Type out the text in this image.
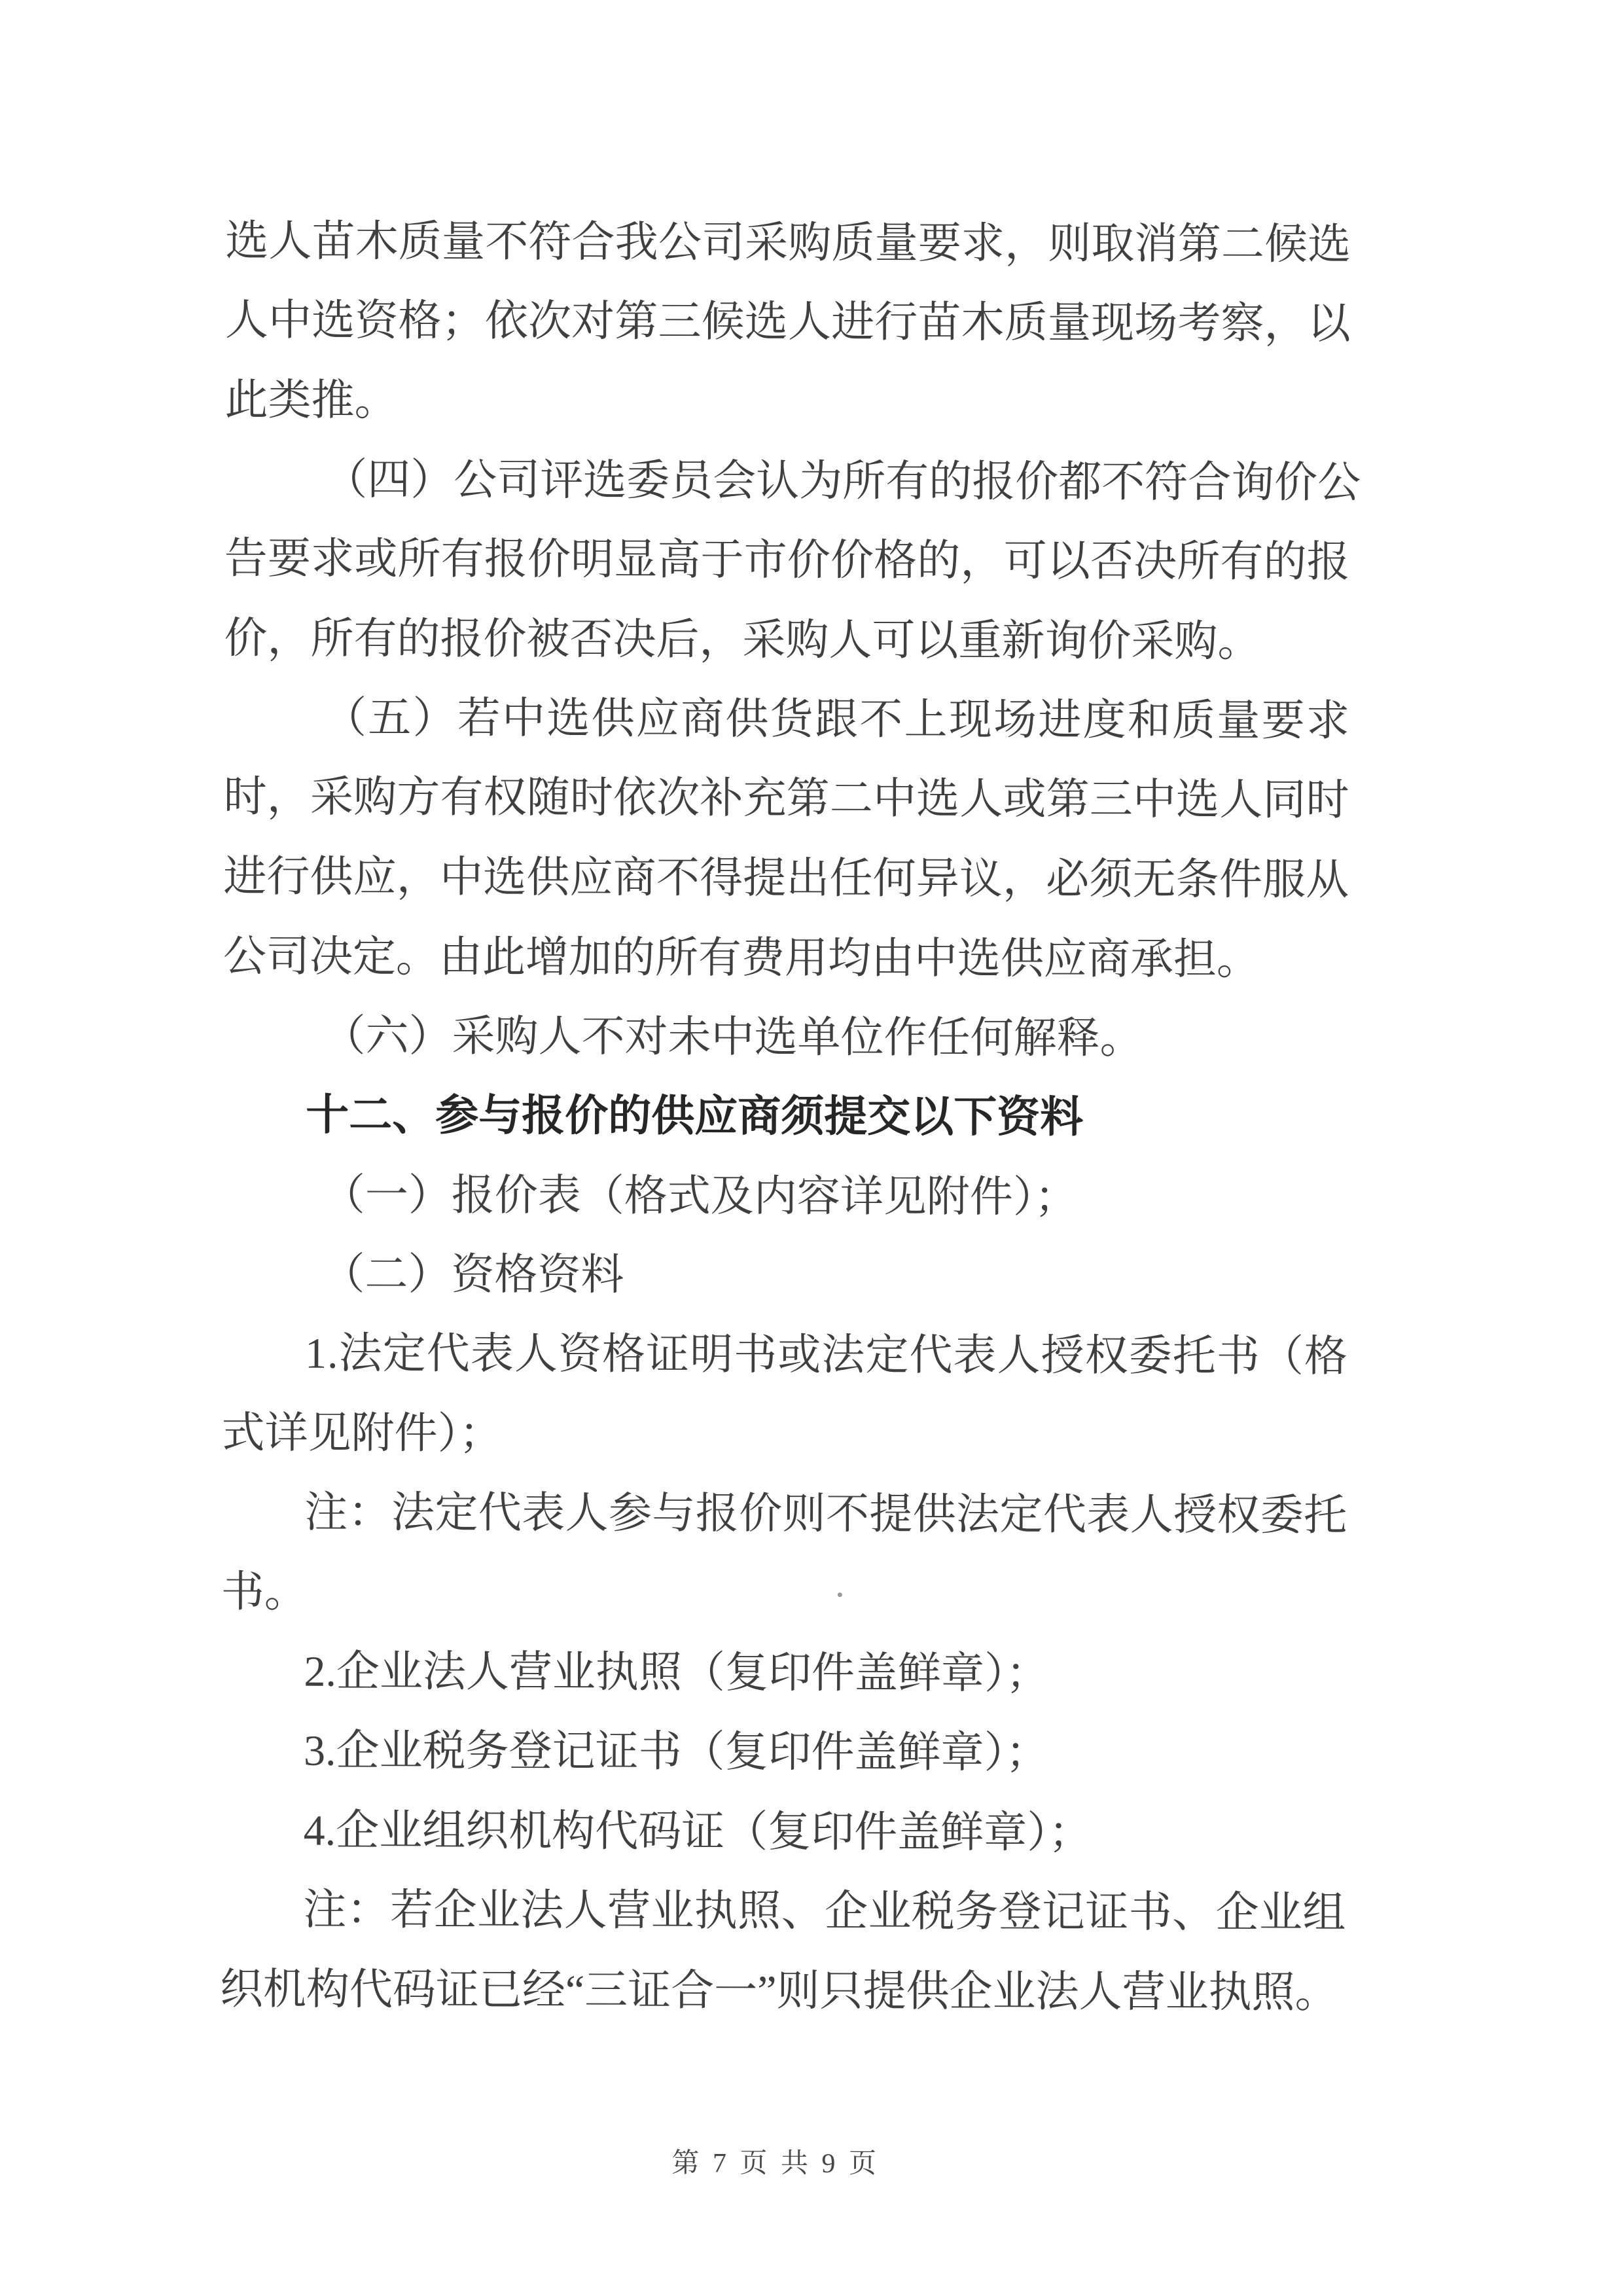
选 人 苗 木 质 量 不 符 合 我 公 司 采 购 质 量 要 求 ， 则 取 消 第 二 候 选
人 中 选 资 格 ； 依 次 对 第 三 候 选 人 进 行 苗 木 质 量 现 场 考 察 ， 以
此类推。
（ 四 ） 公 司 评 选 委 员 会 认 为 所 有 的 报 价 都 不 符 合 询 价 公
告 要 求 或 所 有 报 价 明 显 高 于 市 价 价 格 的 ， 可 以 否 决 所 有 的 报
价，所有的报价被否决后，采购人可以重新询价采购。
（ 五 ） 若 中 选 供 应 商 供 货 跟 不 上 现 场 进 度 和 质 量 要 求
时 ， 采 购 方 有 权 随 时 依 次 补 充 第 二 中 选 人 或 第 三 中 选 人 同 时
进 行 供 应 ， 中 选 供 应 商 不 得 提 出 任 何 异 议 ， 必 须 无 条 件 服 从
公司决定。由此增加的所有费用均由中选供应商承担。
（六）采购人不对未中选单位作任何解释。
十二、参与报价的供应商须提交以下资料
（一）报价表（格式及内容详见附件）；
（二）资格资料
1 . 法 定 代 表 人 资 格 证 明 书 或 法 定 代 表 人 授 权 委 托 书 （ 格
式详见附件）；
注 ： 法 定 代 表 人 参 与 报 价 则 不 提 供 法 定 代 表 人 授 权 委 托
书。
2.企业法人营业执照（复印件盖鲜章）；
3.企业税务登记证书（复印件盖鲜章）；
4.企业组织机构代码证（复印件盖鲜章）；
注 ： 若 企 业 法 人 营 业 执 照 、 企 业 税 务 登 记 证 书 、 企 业 组
织机构代码证已经“三证合一”则只提供企业法人营业执照。
第 7 页 共 9 页
